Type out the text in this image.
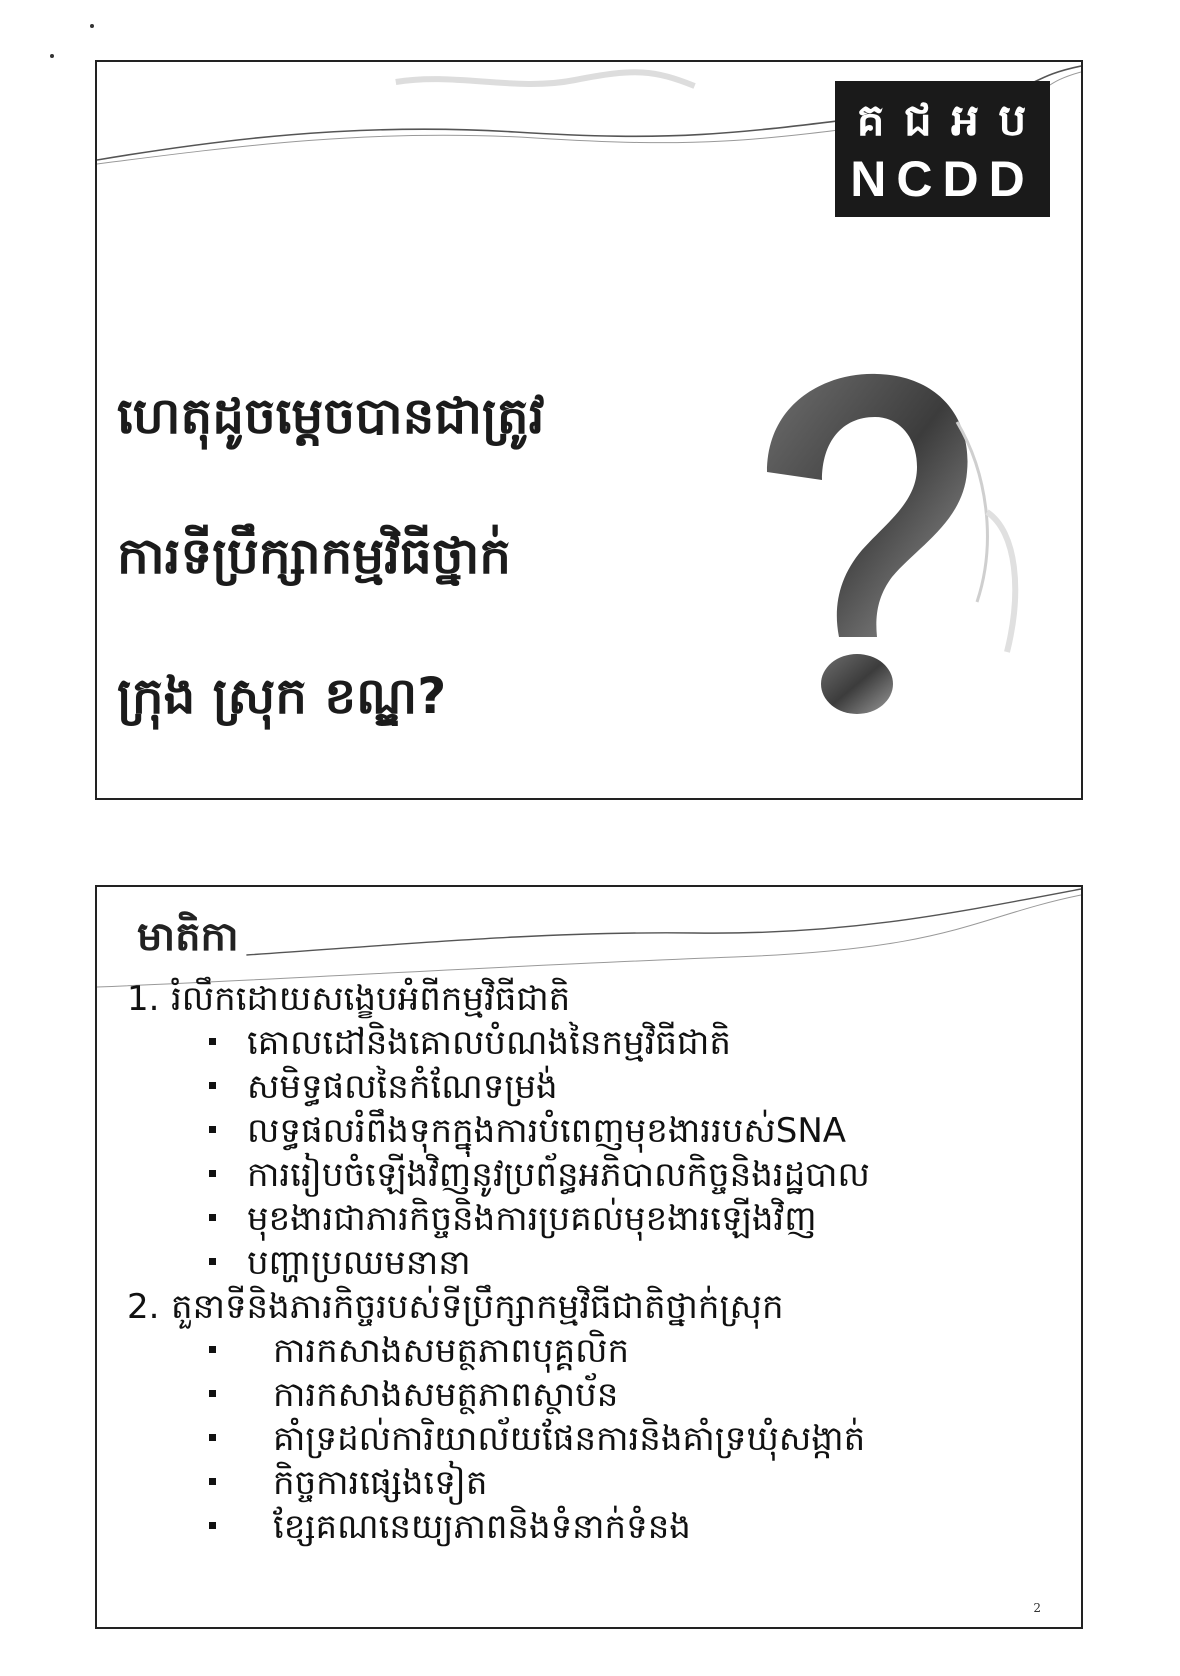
គ ជ អ ប
NCDD
ហេតុដូចម្ដេចបានជាត្រូវ
ការទីប្រឹក្សាកម្មវិធីថ្នាក់
ក្រុង ស្រុក ខណ្ឌ?
មាតិកា
1. រំលឹកដោយសង្ខេបអំពីកម្មវិធីជាតិ
គោលដៅនិងគោលបំណងនៃកម្មវិធីជាតិ
សមិទ្ធផលនៃកំណែទម្រង់
លទ្ធផលរំពឹងទុកក្នុងការបំពេញមុខងាររបស់SNA
ការរៀបចំឡើងវិញនូវប្រព័ន្ធអភិបាលកិច្ចនិងរដ្ឋបាល
មុខងារជាភារកិច្ចនិងការប្រគល់មុខងារឡើងវិញ
បញ្ហាប្រឈមនានា
2. តួនាទីនិងភារកិច្ចរបស់ទីប្រឹក្សាកម្មវិធីជាតិថ្នាក់ស្រុក
ការកសាងសមត្ថភាពបុគ្គលិក
ការកសាងសមត្ថភាពស្ថាប័ន
គាំទ្រដល់ការិយាល័យផែនការនិងគាំទ្រឃុំសង្កាត់
កិច្ចការផ្សេងទៀត
ខ្សែគណនេយ្យភាពនិងទំនាក់ទំនង
2
